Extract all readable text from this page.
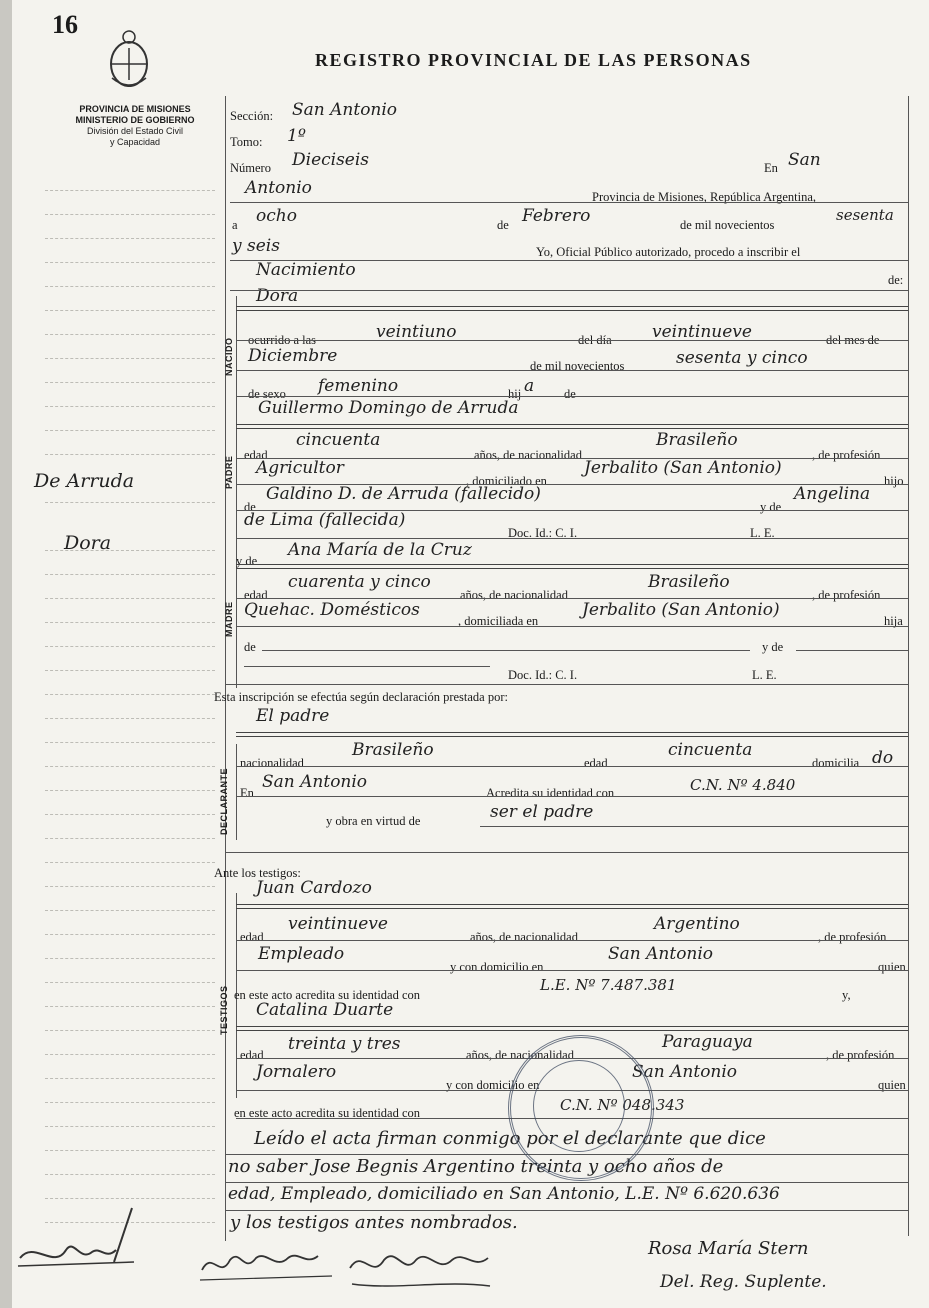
16
REGISTRO PROVINCIAL DE LAS PERSONAS
PROVINCIA DE MISIONES
MINISTERIO DE GOBIERNO
División del Estado Civil
y Capacidad
De Arruda
Dora
NACIDO
PADRE
MADRE
DECLARANTE
TESTIGOS
Sección: San Antonio
Tomo: 1º
Número Dieciseis	En San
Antonio	Provincia de Misiones, República Argentina,
a ocho	de Febrero	de mil novecientos
sesenta
y seis	Yo, Oficial Público autorizado, procedo a inscribir el
Nacimiento	de:
Dora
ocurrido a las	veintiuno	del día veintinueve	del mes de
Diciembre	de mil novecientos	sesenta y cinco
de sexo femenino	hij a de
Guillermo Domingo de Arruda
edad
cincuenta
años, de nacionalidad
Brasileño
, de profesión
Agricultor
, domiciliado en
Jerbalito (San Antonio)
hijo
de
Galdino D. de Arruda (fallecido)
y de
Angelina
de Lima (fallecida)
Doc. Id.: C. I.	L. E.
y de
Ana María de la Cruz
edad
cuarenta y cinco
años, de nacionalidad
Brasileño
, de profesión
Quehac. Domésticos
, domiciliada en
Jerbalito (San Antonio)
hija
de	y de
Doc. Id.: C. I.	L. E.
Esta inscripción se efectúa según declaración prestada por:
El padre
nacionalidad
Brasileño
edad
cincuenta
domicilia do
En
San Antonio
Acredita su identidad con	C.N. Nº 4.840
y obra en virtud de	ser el padre
Ante los testigos:
Juan Cardozo
edad
veintinueve
años, de nacionalidad
Argentino
, de profesión
Empleado
y con domicilio en
San Antonio
quien
en este acto acredita su identidad con
L.E. Nº 7.487.381
y,
Catalina Duarte
edad
treinta y tres
años, de nacionalidad
Paraguaya
, de profesión
Jornalero
y con domicilio en
San Antonio
quien
en este acto acredita su identidad con	C.N. Nº 048.343
Leído el acta firman conmigo por el declarante que dice
no saber Jose Begnis Argentino treinta y ocho años de
edad, Empleado, domiciliado en San Antonio, L.E. Nº 6.620.636
y los testigos antes nombrados.
Rosa María Stern
Del. Reg. Suplente.
